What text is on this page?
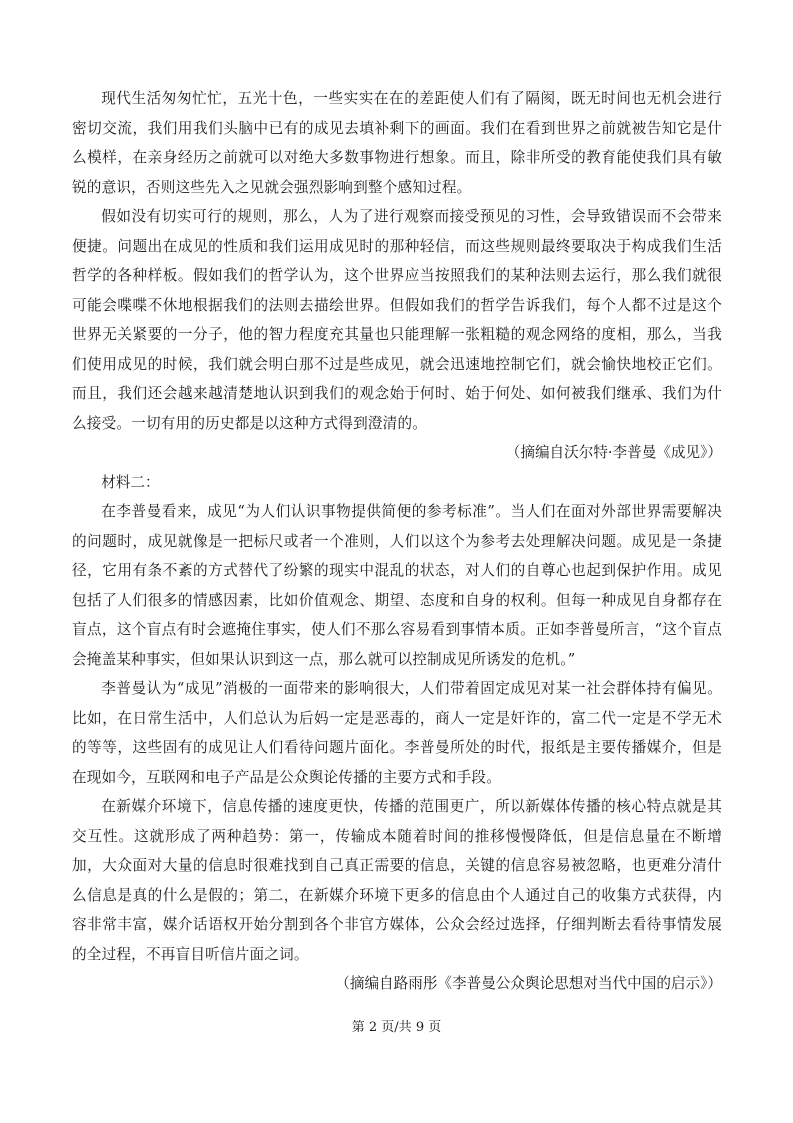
现代生活匆匆忙忙，五光十色，一些实实在在的差距使人们有了隔阂，既无时间也无机会进行密切交流，我们用我们头脑中已有的成见去填补剩下的画面。我们在看到世界之前就被告知它是什么模样，在亲身经历之前就可以对绝大多数事物进行想象。而且，除非所受的教育能使我们具有敏锐的意识，否则这些先入之见就会强烈影响到整个感知过程。

假如没有切实可行的规则，那么，人为了进行观察而接受预见的习性，会导致错误而不会带来便捷。问题出在成见的性质和我们运用成见时的那种轻信，而这些规则最终要取决于构成我们生活哲学的各种样板。假如我们的哲学认为，这个世界应当按照我们的某种法则去运行，那么我们就很可能会喋喋不休地根据我们的法则去描绘世界。但假如我们的哲学告诉我们，每个人都不过是这个世界无关紧要的一分子，他的智力程度充其量也只能理解一张粗糙的观念网络的度相，那么，当我们使用成见的时候，我们就会明白那不过是些成见，就会迅速地控制它们，就会愉快地校正它们。而且，我们还会越来越清楚地认识到我们的观念始于何时、始于何处、如何被我们继承、我们为什么接受。一切有用的历史都是以这种方式得到澄清的。

（摘编自沃尔特·李普曼《成见》）

材料二：

在李普曼看来，成见“为人们认识事物提供简便的参考标准”。当人们在面对外部世界需要解决的问题时，成见就像是一把标尺或者一个准则，人们以这个为参考去处理解决问题。成见是一条捷径，它用有条不紊的方式替代了纷繁的现实中混乱的状态，对人们的自尊心也起到保护作用。成见包括了人们很多的情感因素，比如价值观念、期望、态度和自身的权利。但每一种成见自身都存在盲点，这个盲点有时会遮掩住事实，使人们不那么容易看到事情本质。正如李普曼所言，“这个盲点会掩盖某种事实，但如果认识到这一点，那么就可以控制成见所诱发的危机。”

李普曼认为“成见”消极的一面带来的影响很大，人们带着固定成见对某一社会群体持有偏见。比如，在日常生活中，人们总认为后妈一定是恶毒的，商人一定是奸诈的，富二代一定是不学无术的等等，这些固有的成见让人们看待问题片面化。李普曼所处的时代，报纸是主要传播媒介，但是在现如今，互联网和电子产品是公众舆论传播的主要方式和手段。

在新媒介环境下，信息传播的速度更快，传播的范围更广，所以新媒体传播的核心特点就是其交互性。这就形成了两种趋势：第一，传输成本随着时间的推移慢慢降低，但是信息量在不断增加，大众面对大量的信息时很难找到自己真正需要的信息，关键的信息容易被忽略，也更难分清什么信息是真的什么是假的；第二，在新媒介环境下更多的信息由个人通过自己的收集方式获得，内容非常丰富，媒介话语权开始分割到各个非官方媒体，公众会经过选择，仔细判断去看待事情发展的全过程，不再盲目听信片面之词。

（摘编自路雨彤《李普曼公众舆论思想对当代中国的启示》）

第 2 页/共 9 页
